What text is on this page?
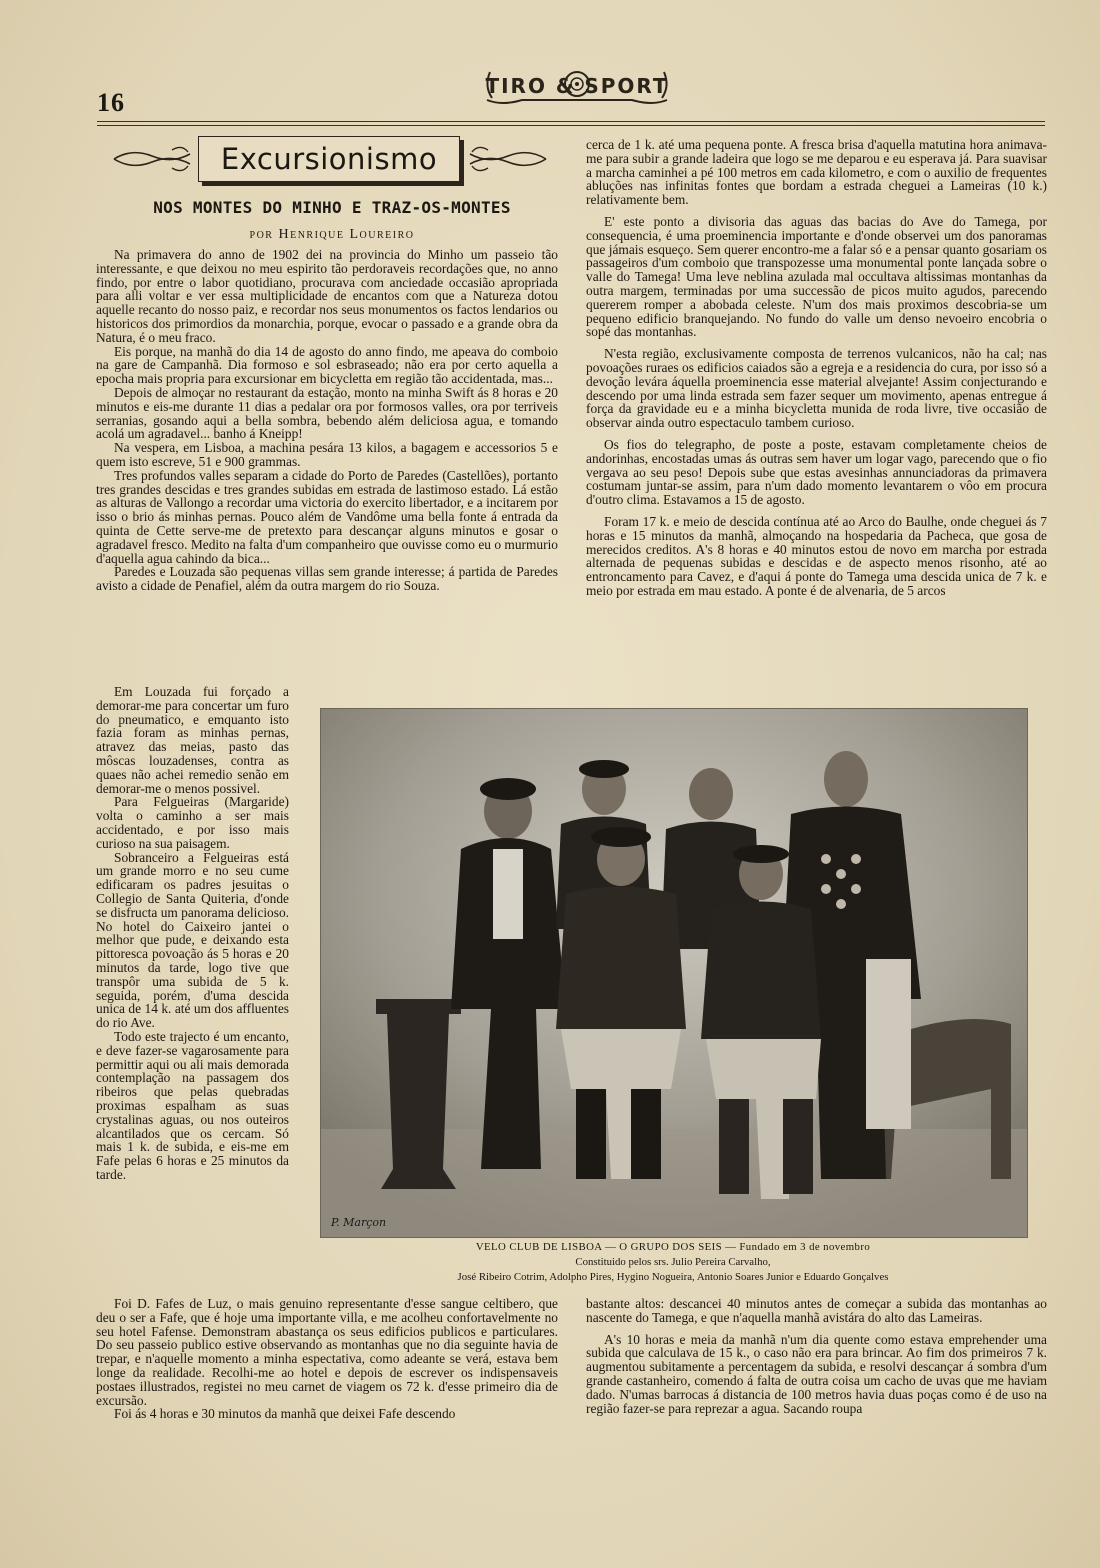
16
TIRO & SPORT
Excursionismo
NOS MONTES DO MINHO E TRAZ-OS-MONTES
por Henrique Loureiro

Na primavera do anno de 1902 dei na provincia do Minho um passeio tão interessante, e que deixou no meu espirito tão perdoraveis recordações que, no anno findo, por entre o labor quotidiano, procurava com anciedade occasião apropriada para alli voltar e ver essa multiplicidade de encantos com que a Natureza dotou aquelle recanto do nosso paiz, e recordar nos seus monumentos os factos lendarios ou historicos dos primordios da monarchia, porque, evocar o passado e a grande obra da Natura, é o meu fraco.

Eis porque, na manhã do dia 14 de agosto do anno findo, me apeava do comboio na gare de Campanhã. Dia formoso e sol esbraseado; não era por certo aquella a epocha mais propria para excursionar em bicycletta em região tão accidentada, mas...

Depois de almoçar no restaurant da estação, monto na minha Swift ás 8 horas e 20 minutos e eis-me durante 11 dias a pedalar ora por formosos valles, ora por terriveis serranias, gosando aqui a bella sombra, bebendo além deliciosa agua, e tomando acolá um agradavel... banho á Kneipp!

Na vespera, em Lisboa, a machina pesára 13 kilos, a bagagem e accessorios 5 e quem isto escreve, 51 e 900 grammas.

Tres profundos valles separam a cidade do Porto de Paredes (Castellões), portanto tres grandes descidas e tres grandes subidas em estrada de lastimoso estado. Lá estão as alturas de Vallongo a recordar uma victoria do exercito libertador, e a incitarem por isso o brio ás minhas pernas. Pouco além de Vandôme uma bella fonte á entrada da quinta de Cette serve-me de pretexto para descançar alguns minutos e gosar o agradavel fresco. Medito na falta d'um companheiro que ouvisse como eu o murmurio d'aquella agua cahindo da bica...

Paredes e Louzada são pequenas villas sem grande interesse; á partida de Paredes avisto a cidade de Penafiel, além da outra margem do rio Souza.

Em Louzada fui forçado a demorar-me para concertar um furo do pneumatico, e emquanto isto fazia foram as minhas pernas, atravez das meias, pasto das môscas louzadenses, contra as quaes não achei remedio senão em demorar-me o menos possivel.

Para Felgueiras (Margaride) volta o caminho a ser mais accidentado, e por isso mais curioso na sua paisagem.

Sobranceiro a Felgueiras está um grande morro e no seu cume edificaram os padres jesuitas o Collegio de Santa Quiteria, d'onde se disfructa um panorama delicioso. No hotel do Caixeiro jantei o melhor que pude, e deixando esta pittoresca povoação ás 5 horas e 20 minutos da tarde, logo tive que transpôr uma subida de 5 k. seguida, porém, d'uma descida unica de 14 k. até um dos affluentes do rio Ave.

Todo este trajecto é um encanto, e deve fazer-se vagarosamente para permittir aqui ou ali mais demorada contemplação na passagem dos ribeiros que pelas quebradas proximas espalham as suas crystalinas aguas, ou nos outeiros alcantilados que os cercam. Só mais 1 k. de subida, e eis-me em Fafe pelas 6 horas e 25 minutos da tarde.

cerca de 1 k. até uma pequena ponte. A fresca brisa d'aquella matutina hora animava-me para subir a grande ladeira que logo se me deparou e eu esperava já. Para suavisar a marcha caminhei a pé 100 metros em cada kilometro, e com o auxilio de frequentes abluções nas infinitas fontes que bordam a estrada cheguei a Lameiras (10 k.) relativamente bem.

E' este ponto a divisoria das aguas das bacias do Ave do Tamega, por consequencia, é uma proeminencia importante e d'onde observei um dos panoramas que jámais esqueço. Sem querer encontro-me a falar só e a pensar quanto gosariam os passageiros d'um comboio que transpozesse uma monumental ponte lançada sobre o valle do Tamega! Uma leve neblina azulada mal occultava altissimas montanhas da outra margem, terminadas por uma successão de picos muito agudos, parecendo quererem romper a abobada celeste. N'um dos mais proximos descobria-se um pequeno edificio branquejando. No fundo do valle um denso nevoeiro encobria o sopé das montanhas.

N'esta região, exclusivamente composta de terrenos vulcanicos, não ha cal; nas povoações ruraes os edificios caiados são a egreja e a residencia do cura, por isso só a devoção levára áquella proeminencia esse material alvejante! Assim conjecturando e descendo por uma linda estrada sem fazer sequer um movimento, apenas entregue á força da gravidade eu e a minha bicycletta munida de roda livre, tive occasião de observar ainda outro espectaculo tambem curioso.

Os fios do telegrapho, de poste a poste, estavam completamente cheios de andorinhas, encostadas umas ás outras sem haver um logar vago, parecendo que o fio vergava ao seu peso! Depois sube que estas avesinhas annunciadoras da primavera costumam juntar-se assim, para n'um dado momento levantarem o vôo em procura d'outro clima. Estavamos a 15 de agosto.

Foram 17 k. e meio de descida contínua até ao Arco do Baulhe, onde cheguei ás 7 horas e 15 minutos da manhã, almoçando na hospedaria da Pacheca, que gosa de merecidos creditos. A's 8 horas e 40 minutos estou de novo em marcha por estrada alternada de pequenas subidas e descidas e de aspecto menos risonho, até ao entroncamento para Cavez, e d'aqui á ponte do Tamega uma descida unica de 7 k. e meio por estrada em mau estado. A ponte é de alvenaria, de 5 arcos

P. Marçon
VELO CLUB DE LISBOA — O GRUPO DOS SEIS — Fundado em 3 de novembro
Constituido pelos srs. Julio Pereira Carvalho,
José Ribeiro Cotrim, Adolpho Pires, Hygino Nogueira, Antonio Soares Junior e Eduardo Gonçalves

Foi D. Fafes de Luz, o mais genuino representante d'esse sangue celtibero, que deu o ser a Fafe, que é hoje uma importante villa, e me acolheu confortavelmente no seu hotel Fafense. Demonstram abastança os seus edificios publicos e particulares. Do seu passeio publico estive observando as montanhas que no dia seguinte havia de trepar, e n'aquelle momento a minha espectativa, como adeante se verá, estava bem longe da realidade. Recolhi-me ao hotel e depois de escrever os indispensaveis postaes illustrados, registei no meu carnet de viagem os 72 k. d'esse primeiro dia de excursão.

Foi ás 4 horas e 30 minutos da manhã que deixei Fafe descendo

bastante altos: descancei 40 minutos antes de começar a subida das montanhas ao nascente do Tamega, e que n'aquella manhã avistára do alto das Lameiras.

A's 10 horas e meia da manhã n'um dia quente como estava emprehender uma subida que calculava de 15 k., o caso não era para brincar. Ao fim dos primeiros 7 k. augmentou subitamente a percentagem da subida, e resolvi descançar á sombra d'um grande castanheiro, comendo á falta de outra coisa um cacho de uvas que me haviam dado. N'umas barrocas á distancia de 100 metros havia duas poças como é de uso na região fazer-se para reprezar a agua. Sacando roupa
